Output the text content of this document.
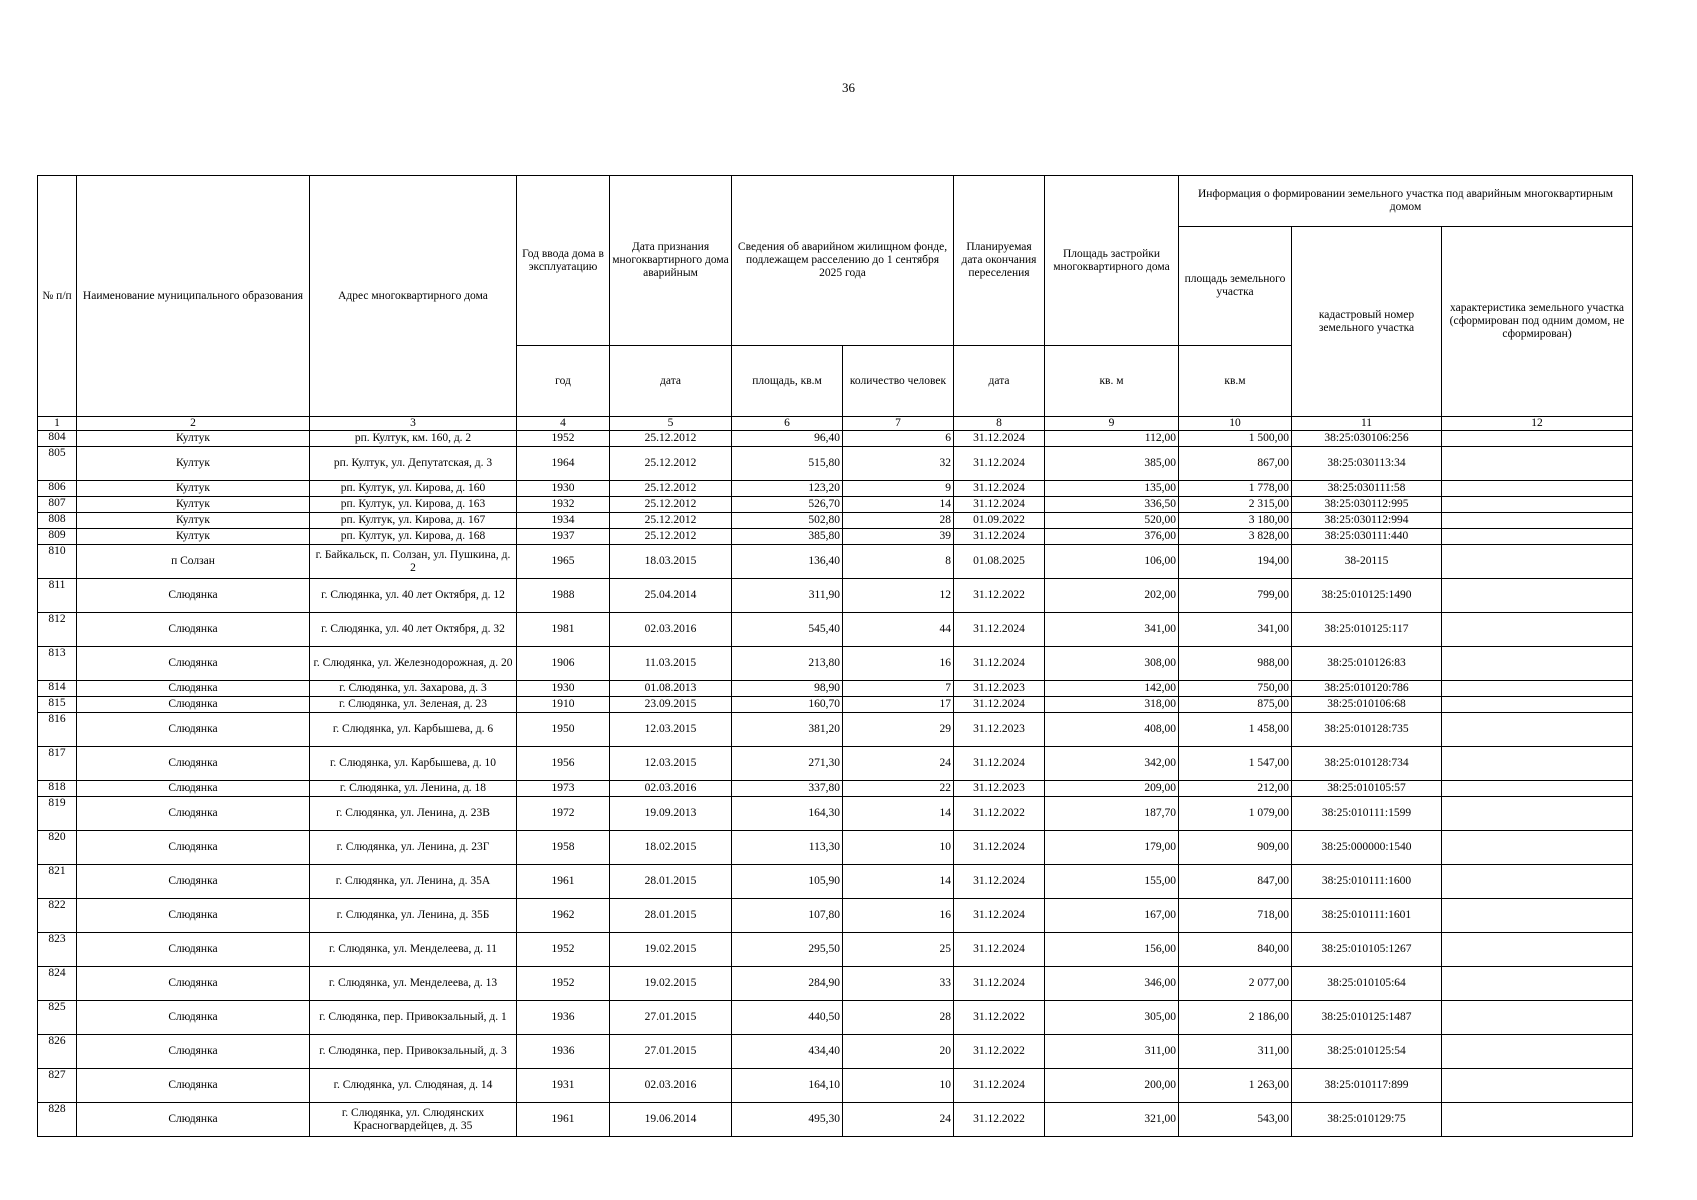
36
№ п/п	Наименование муниципального образования	Адрес многоквартирного дома	Год ввода дома в эксплуатацию	Дата признания многоквартирного дома аварийным	Сведения об аварийном жилищном фонде, подлежащем расселению до 1 сентября 2025 года		Планируемая дата окончания переселения	Площадь застройки многоквартирного дома	Информация о формировании земельного участка под аварийным многоквартирным домом		
									площадь земельного участка	кадастровый номер земельного участка	характеристика земельного участка (сформирован под одним домом, не сформирован)
			год	дата	площадь, кв.м	количество человек	дата	кв. м	кв.м		
1	2	3	4	5	6	7	8	9	10	11	12
804	Култук	рп. Култук, км. 160, д. 2	1952	25.12.2012	96,40	6	31.12.2024	112,00	1 500,00	38:25:030106:256	
805	Култук	рп. Култук, ул. Депутатская, д. 3	1964	25.12.2012	515,80	32	31.12.2024	385,00	867,00	38:25:030113:34	
806	Култук	рп. Култук, ул. Кирова, д. 160	1930	25.12.2012	123,20	9	31.12.2024	135,00	1 778,00	38:25:030111:58	
807	Култук	рп. Култук, ул. Кирова, д. 163	1932	25.12.2012	526,70	14	31.12.2024	336,50	2 315,00	38:25:030112:995	
808	Култук	рп. Култук, ул. Кирова, д. 167	1934	25.12.2012	502,80	28	01.09.2022	520,00	3 180,00	38:25:030112:994	
809	Култук	рп. Култук, ул. Кирова, д. 168	1937	25.12.2012	385,80	39	31.12.2024	376,00	3 828,00	38:25:030111:440	
810	п Солзан	г. Байкальск, п. Солзан, ул. Пушкина, д. 2	1965	18.03.2015	136,40	8	01.08.2025	106,00	194,00	38-20115	
811	Слюдянка	г. Слюдянка, ул. 40 лет Октября, д. 12	1988	25.04.2014	311,90	12	31.12.2022	202,00	799,00	38:25:010125:1490	
812	Слюдянка	г. Слюдянка, ул. 40 лет Октября, д. 32	1981	02.03.2016	545,40	44	31.12.2024	341,00	341,00	38:25:010125:117	
813	Слюдянка	г. Слюдянка, ул. Железнодорожная, д. 20	1906	11.03.2015	213,80	16	31.12.2024	308,00	988,00	38:25:010126:83	
814	Слюдянка	г. Слюдянка, ул. Захарова, д. 3	1930	01.08.2013	98,90	7	31.12.2023	142,00	750,00	38:25:010120:786	
815	Слюдянка	г. Слюдянка, ул. Зеленая, д. 23	1910	23.09.2015	160,70	17	31.12.2024	318,00	875,00	38:25:010106:68	
816	Слюдянка	г. Слюдянка, ул. Карбышева, д. 6	1950	12.03.2015	381,20	29	31.12.2023	408,00	1 458,00	38:25:010128:735	
817	Слюдянка	г. Слюдянка, ул. Карбышева, д. 10	1956	12.03.2015	271,30	24	31.12.2024	342,00	1 547,00	38:25:010128:734	
818	Слюдянка	г. Слюдянка, ул. Ленина, д. 18	1973	02.03.2016	337,80	22	31.12.2023	209,00	212,00	38:25:010105:57	
819	Слюдянка	г. Слюдянка, ул. Ленина, д. 23В	1972	19.09.2013	164,30	14	31.12.2022	187,70	1 079,00	38:25:010111:1599	
820	Слюдянка	г. Слюдянка, ул. Ленина, д. 23Г	1958	18.02.2015	113,30	10	31.12.2024	179,00	909,00	38:25:000000:1540	
821	Слюдянка	г. Слюдянка, ул. Ленина, д. 35А	1961	28.01.2015	105,90	14	31.12.2024	155,00	847,00	38:25:010111:1600	
822	Слюдянка	г. Слюдянка, ул. Ленина, д. 35Б	1962	28.01.2015	107,80	16	31.12.2024	167,00	718,00	38:25:010111:1601	
823	Слюдянка	г. Слюдянка, ул. Менделеева, д. 11	1952	19.02.2015	295,50	25	31.12.2024	156,00	840,00	38:25:010105:1267	
824	Слюдянка	г. Слюдянка, ул. Менделеева, д. 13	1952	19.02.2015	284,90	33	31.12.2024	346,00	2 077,00	38:25:010105:64	
825	Слюдянка	г. Слюдянка, пер. Привокзальный, д. 1	1936	27.01.2015	440,50	28	31.12.2022	305,00	2 186,00	38:25:010125:1487	
826	Слюдянка	г. Слюдянка, пер. Привокзальный, д. 3	1936	27.01.2015	434,40	20	31.12.2022	311,00	311,00	38:25:010125:54	
827	Слюдянка	г. Слюдянка, ул. Слюдяная, д. 14	1931	02.03.2016	164,10	10	31.12.2024	200,00	1 263,00	38:25:010117:899	
828	Слюдянка	г. Слюдянка, ул. Слюдянских Красногвардейцев, д. 35	1961	19.06.2014	495,30	24	31.12.2022	321,00	543,00	38:25:010129:75	
